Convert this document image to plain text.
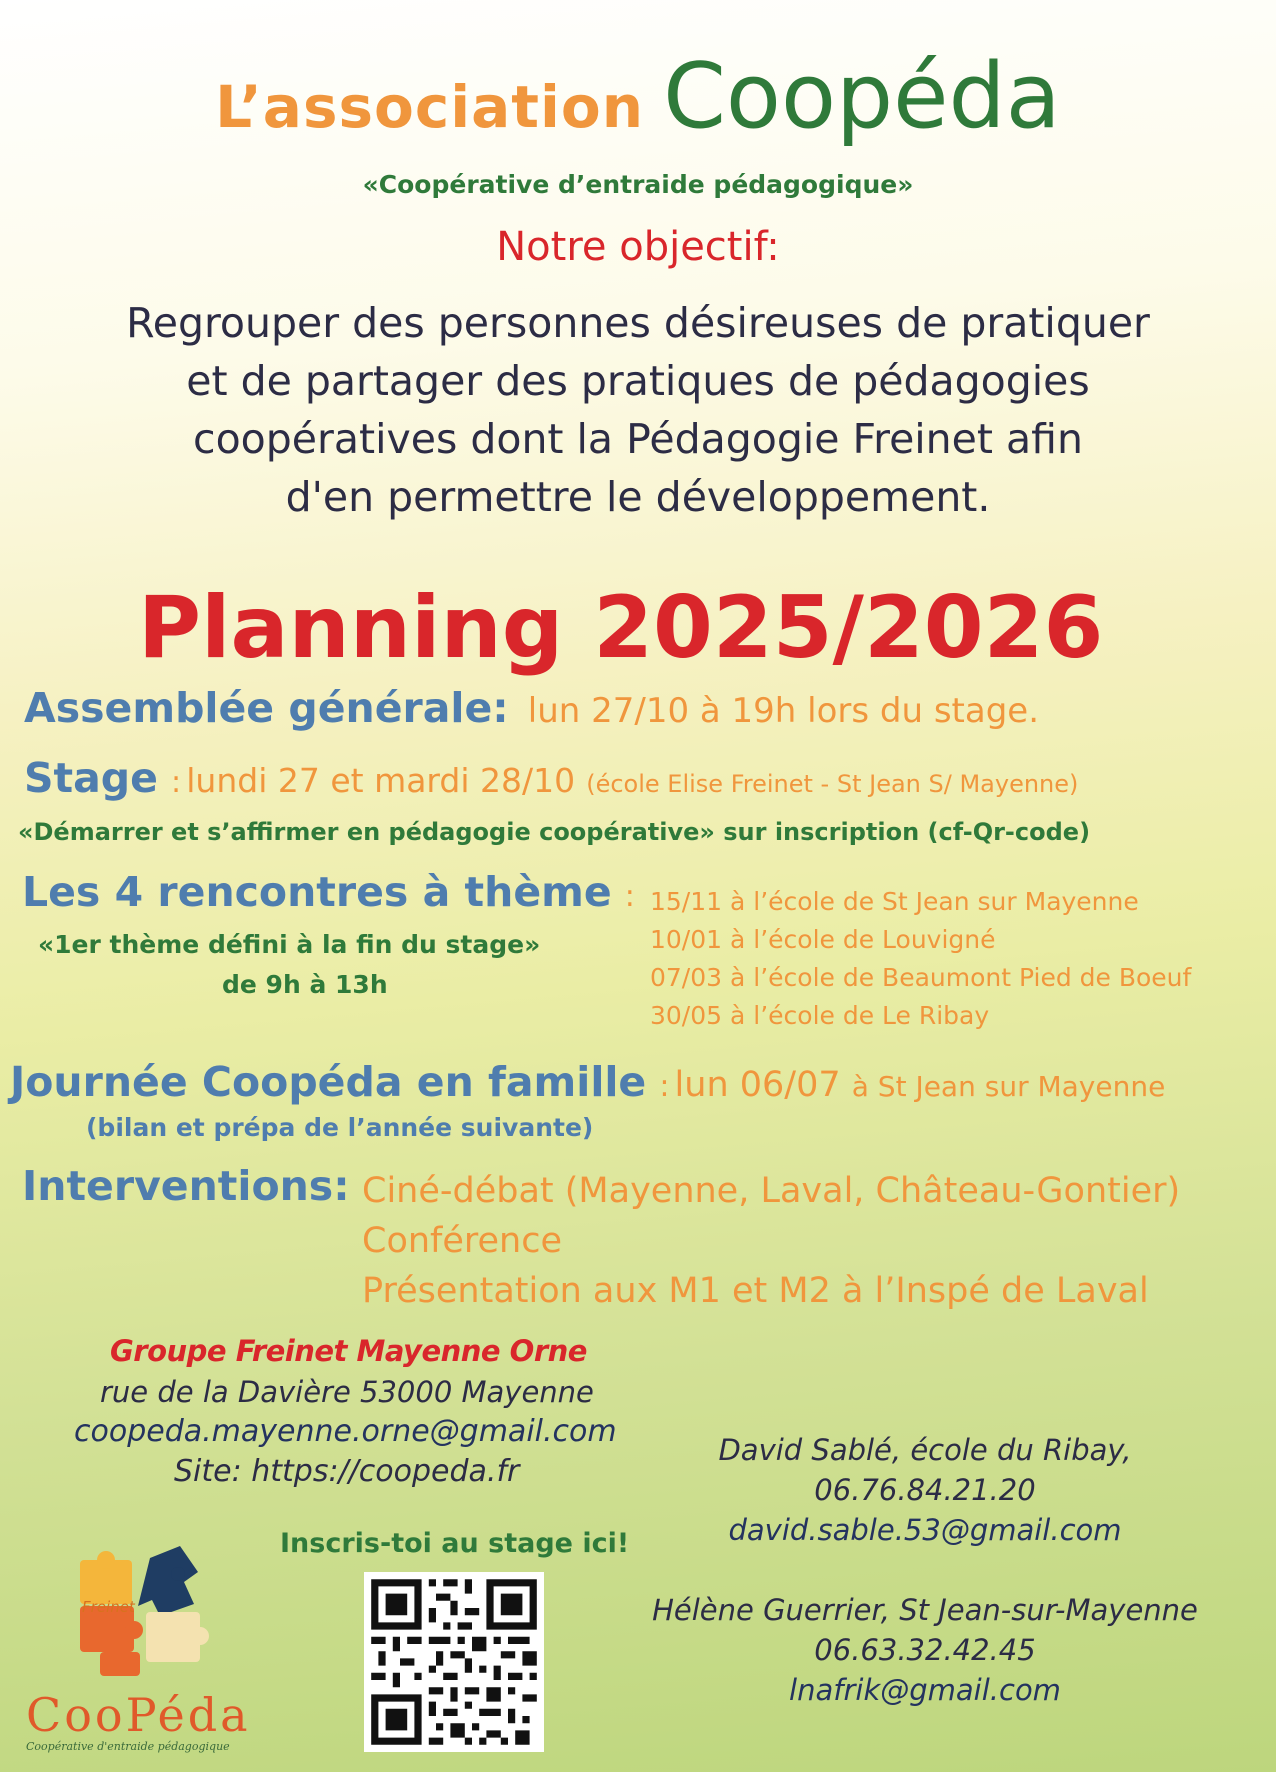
L’association Coopéda
«Coopérative d’entraide pédagogique»
Notre objectif:
Regrouper des personnes désireuses de pratiquer
et de partager des pratiques de pédagogies
coopératives dont la Pédagogie Freinet afin
d'en permettre le développement.
Planning 2025/2026
Assemblée générale: lun 27/10 à 19h lors du stage.
Stage : lundi 27 et mardi 28/10 (école Elise Freinet - St Jean S/ Mayenne)
«Démarrer et s’affirmer en pédagogie coopérative» sur inscription (cf-Qr-code)
Les 4 rencontres à thème :
«1er thème défini à la fin du stage»
de 9h à 13h
15/11 à l’école de St Jean sur Mayenne
10/01 à l’école de Louvigné
07/03 à l’école de Beaumont Pied de Boeuf
30/05 à l’école de Le Ribay
Journée Coopéda en famille : lun 06/07 à St Jean sur Mayenne
(bilan et prépa de l’année suivante)
Interventions: Ciné-débat (Mayenne, Laval, Château-Gontier)
Conférence
Présentation aux M1 et M2 à l’Inspé de Laval
Groupe Freinet Mayenne Orne
rue de la Davière 53000 Mayenne
coopeda.mayenne.orne@gmail.com
Site: https://coopeda.fr
David Sablé, école du Ribay,
06.76.84.21.20
david.sable.53@gmail.com
Hélène Guerrier, St Jean-sur-Mayenne
06.63.32.42.45
lnafrik@gmail.com
Inscris-toi au stage ici!
Freinet
CooPéda
Coopérative d'entraide pédagogique
